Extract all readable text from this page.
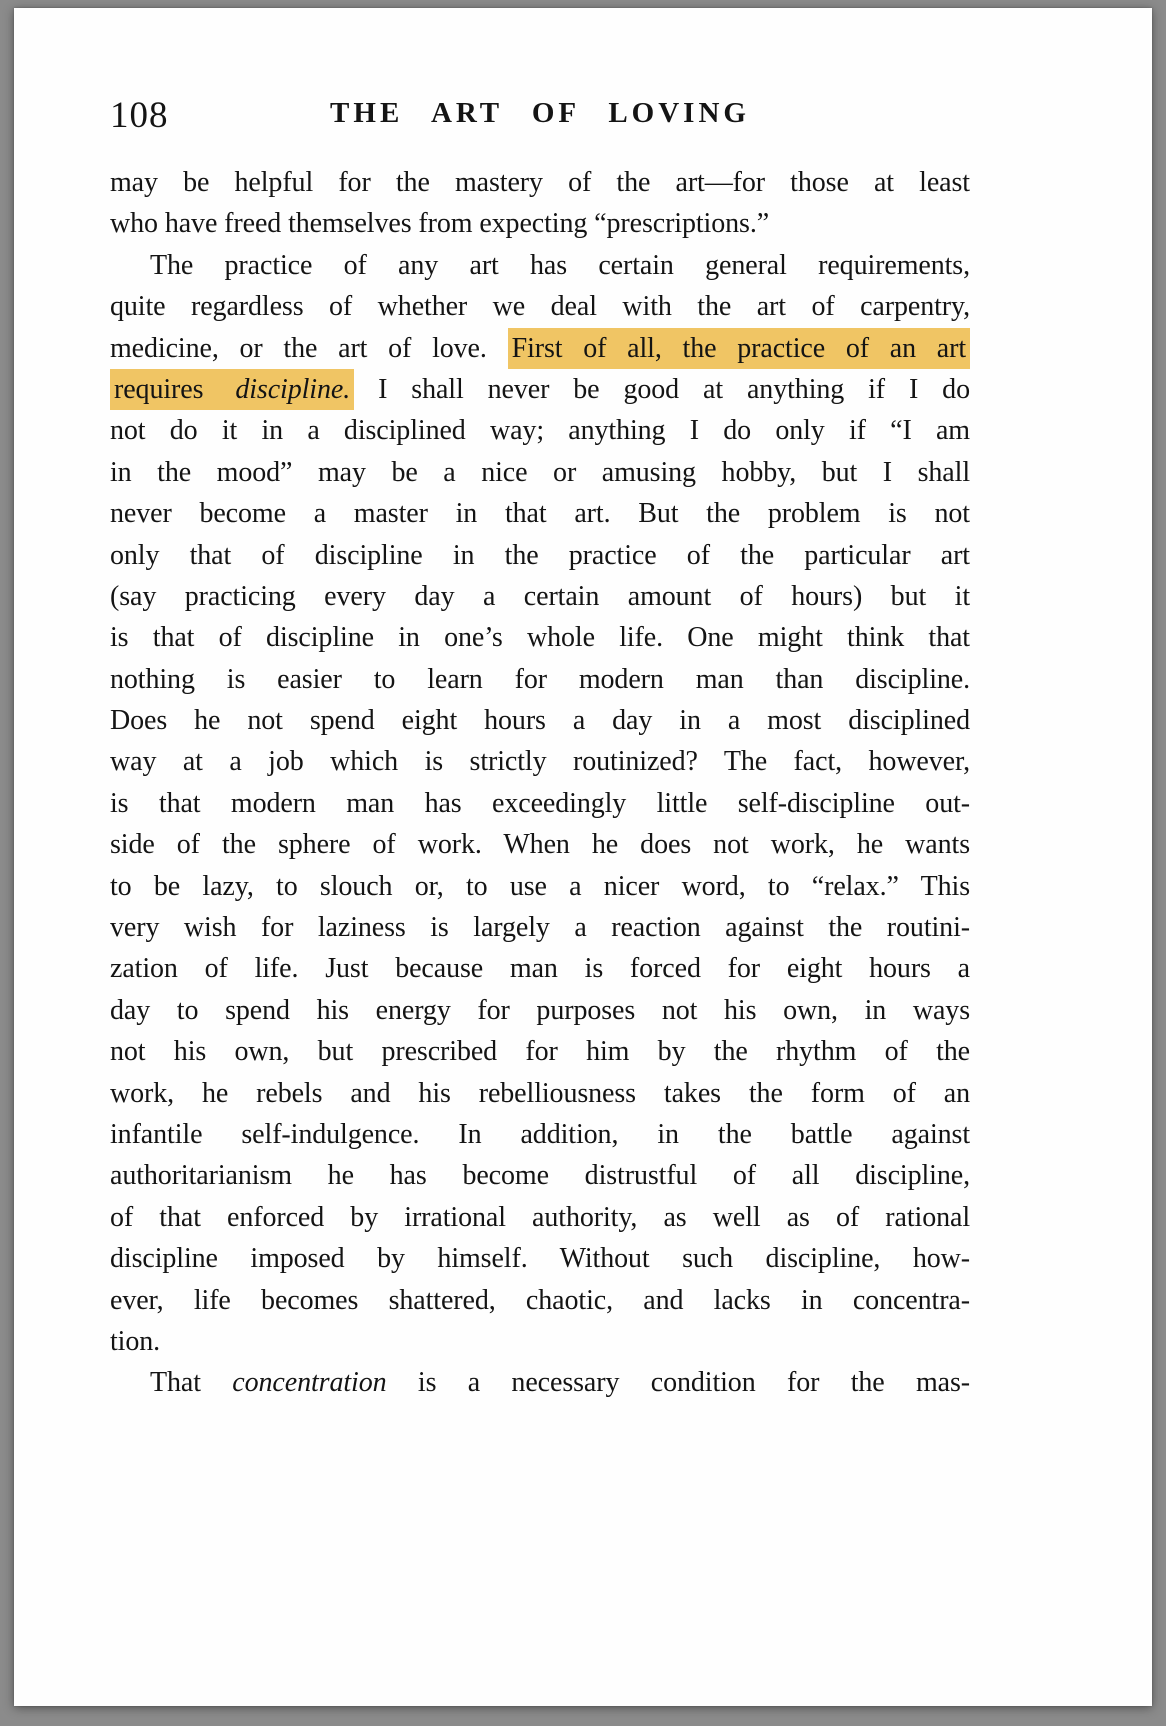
108	THE ART OF LOVING
may be helpful for the mastery of the art—for those at least
who have freed themselves from expecting “prescriptions.”
The practice of any art has certain general requirements,
quite regardless of whether we deal with the art of carpentry,
medicine, or the art of love. First of all, the practice of an art
requires discipline. I shall never be good at anything if I do
not do it in a disciplined way; anything I do only if “I am
in the mood” may be a nice or amusing hobby, but I shall
never become a master in that art. But the problem is not
only that of discipline in the practice of the particular art
(say practicing every day a certain amount of hours) but it
is that of discipline in one’s whole life. One might think that
nothing is easier to learn for modern man than discipline.
Does he not spend eight hours a day in a most disciplined
way at a job which is strictly routinized? The fact, however,
is that modern man has exceedingly little self-discipline out-
side of the sphere of work. When he does not work, he wants
to be lazy, to slouch or, to use a nicer word, to “relax.” This
very wish for laziness is largely a reaction against the routini-
zation of life. Just because man is forced for eight hours a
day to spend his energy for purposes not his own, in ways
not his own, but prescribed for him by the rhythm of the
work, he rebels and his rebelliousness takes the form of an
infantile self-indulgence. In addition, in the battle against
authoritarianism he has become distrustful of all discipline,
of that enforced by irrational authority, as well as of rational
discipline imposed by himself. Without such discipline, how-
ever, life becomes shattered, chaotic, and lacks in concentra-
tion.
That concentration is a necessary condition for the mas-
